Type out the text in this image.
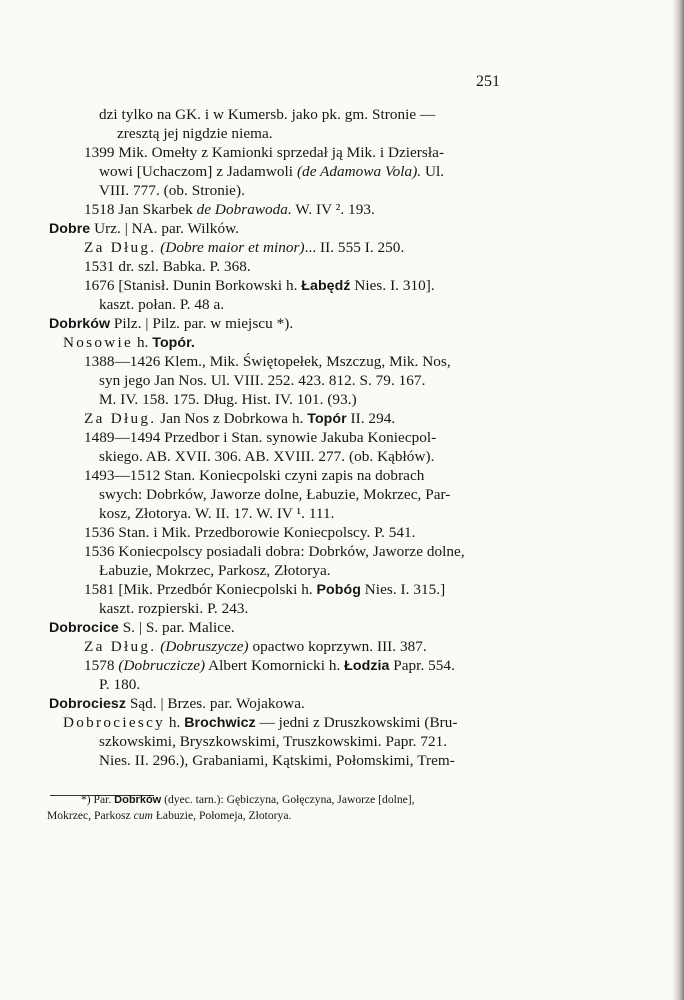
251
dzi tylko na GK. i w Kumersb. jako pk. gm. Stronie —
zresztą jej nigdzie niema.
1399 Mik. Omełty z Kamionki sprzedał ją Mik. i Dziersła-
wowi [Uchaczom] z Jadamwoli (de Adamowa Vola). Ul.
VIII. 777. (ob. Stronie).
1518 Jan Skarbek de Dobrawoda. W. IV ². 193.
Dobre Urz. | NA. par. Wilków.
Za Dług. (Dobre maior et minor)... II. 555 I. 250.
1531 dr. szl. Babka. P. 368.
1676 [Stanisł. Dunin Borkowski h. Łabędź Nies. I. 310].
kaszt. połan. P. 48 a.
Dobrków Pilz. | Pilz. par. w miejscu *).
Nosowie h. Topór.
1388—1426 Klem., Mik. Świętopełek, Mszczug, Mik. Nos,
syn jego Jan Nos. Ul. VIII. 252. 423. 812. S. 79. 167.
M. IV. 158. 175. Dług. Hist. IV. 101. (93.)
Za Dług. Jan Nos z Dobrkowa h. Topór II. 294.
1489—1494 Przedbor i Stan. synowie Jakuba Koniecpol-
skiego. AB. XVII. 306. AB. XVIII. 277. (ob. Kąbłów).
1493—1512 Stan. Koniecpolski czyni zapis na dobrach
swych: Dobrków, Jaworze dolne, Łabuzie, Mokrzec, Par-
kosz, Złotorya. W. II. 17. W. IV ¹. 111.
1536 Stan. i Mik. Przedborowie Koniecpolscy. P. 541.
1536 Koniecpolscy posiadali dobra: Dobrków, Jaworze dolne,
Łabuzie, Mokrzec, Parkosz, Złotorya.
1581 [Mik. Przedbór Koniecpolski h. Pobóg Nies. I. 315.]
kaszt. rozpierski. P. 243.
Dobrocice S. | S. par. Malice.
Za Dług. (Dobruszycze) opactwo koprzywn. III. 387.
1578 (Dobruczicze) Albert Komornicki h. Łodzia Papr. 554.
P. 180.
Dobrociesz Sąd. | Brzes. par. Wojakowa.
Dobrociescy h. Brochwicz — jedni z Druszkowskimi (Bru-
szkowskimi, Bryszkowskimi, Truszkowskimi. Papr. 721.
Nies. II. 296.), Grabaniami, Kątskimi, Połomskimi, Trem-
*) Par. Dobrków (dyec. tarn.): Gębiczyna, Gołęczyna, Jaworze [dolne],
Mokrzec, Parkosz cum Łabuzie, Połomeja, Złotorya.
